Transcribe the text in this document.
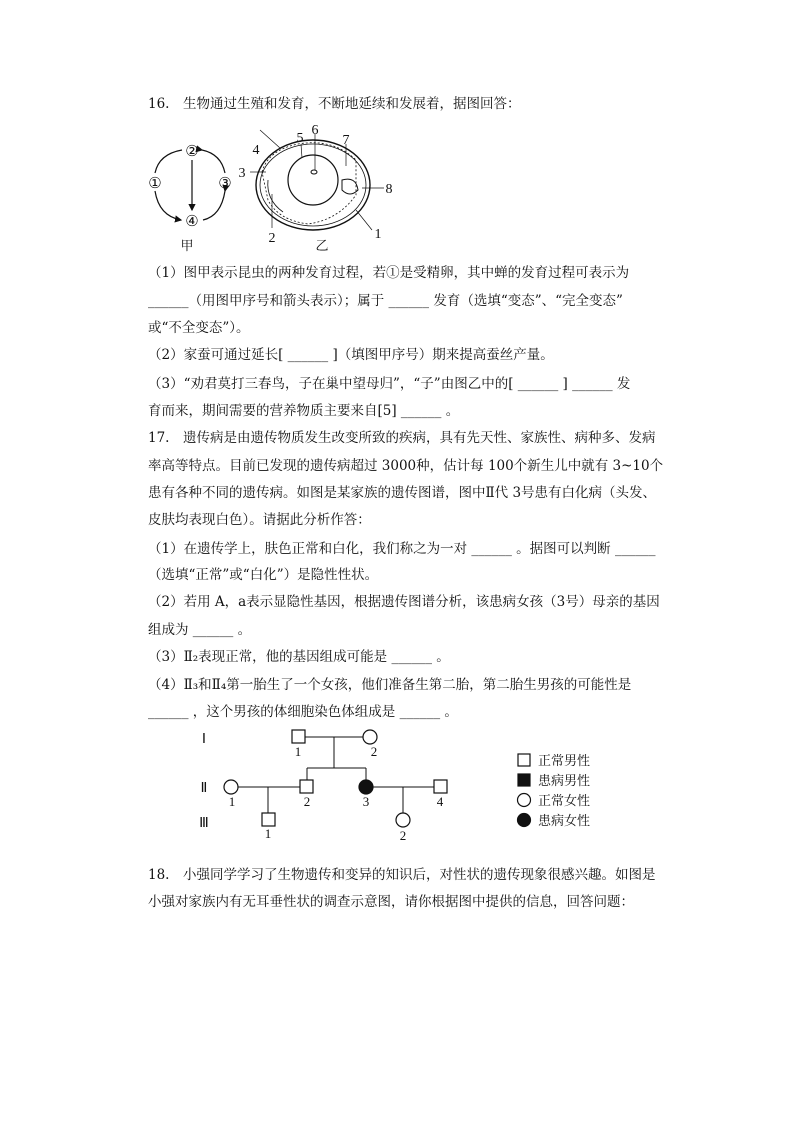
16.　生物通过生殖和发育，不断地延续和发展着，据图回答：
②
①	③
④
甲
4
3
5
6
7
8
1
2	乙
（1）图甲表示昆虫的两种发育过程，若①是受精卵，其中蝉的发育过程可表示为
______（用图甲序号和箭头表示）；属于 ______ 发育（选填“变态”、“完全变态”
或“不全变态”）。
（2）家蚕可通过延长[ ______ ]（填图甲序号）期来提高蚕丝产量。
（3）“劝君莫打三春鸟，子在巢中望母归”，“子”由图乙中的[ ______ ] ______ 发
育而来，期间需要的营养物质主要来自[5] ______ 。
17.　遗传病是由遗传物质发生改变所致的疾病，具有先天性、家族性、病种多、发病
率高等特点。目前已发现的遗传病超过 3000种，估计每 100个新生儿中就有 3~10个
患有各种不同的遗传病。如图是某家族的遗传图谱，图中Ⅱ代 3号患有白化病（头发、
皮肤均表现白色）。请据此分析作答：
（1）在遗传学上，肤色正常和白化，我们称之为一对 ______ 。据图可以判断 ______
（选填“正常”或“白化”）是隐性性状。
（2）若用 A，a表示显隐性基因，根据遗传图谱分析，该患病女孩（3号）母亲的基因
组成为 ______ 。
（3）Ⅱ₂表现正常，他的基因组成可能是 ______ 。
（4）Ⅱ₃和Ⅱ₄第一胎生了一个女孩，他们准备生第二胎，第二胎生男孩的可能性是
______ ，这个男孩的体细胞染色体组成是 ______ 。
Ⅰ
Ⅱ
Ⅲ
1	2
1	2	3	4
1	2
正常男性
患病男性
正常女性
患病女性
18.　小强同学学习了生物遗传和变异的知识后，对性状的遗传现象很感兴趣。如图是
小强对家族内有无耳垂性状的调查示意图，请你根据图中提供的信息，回答问题：
